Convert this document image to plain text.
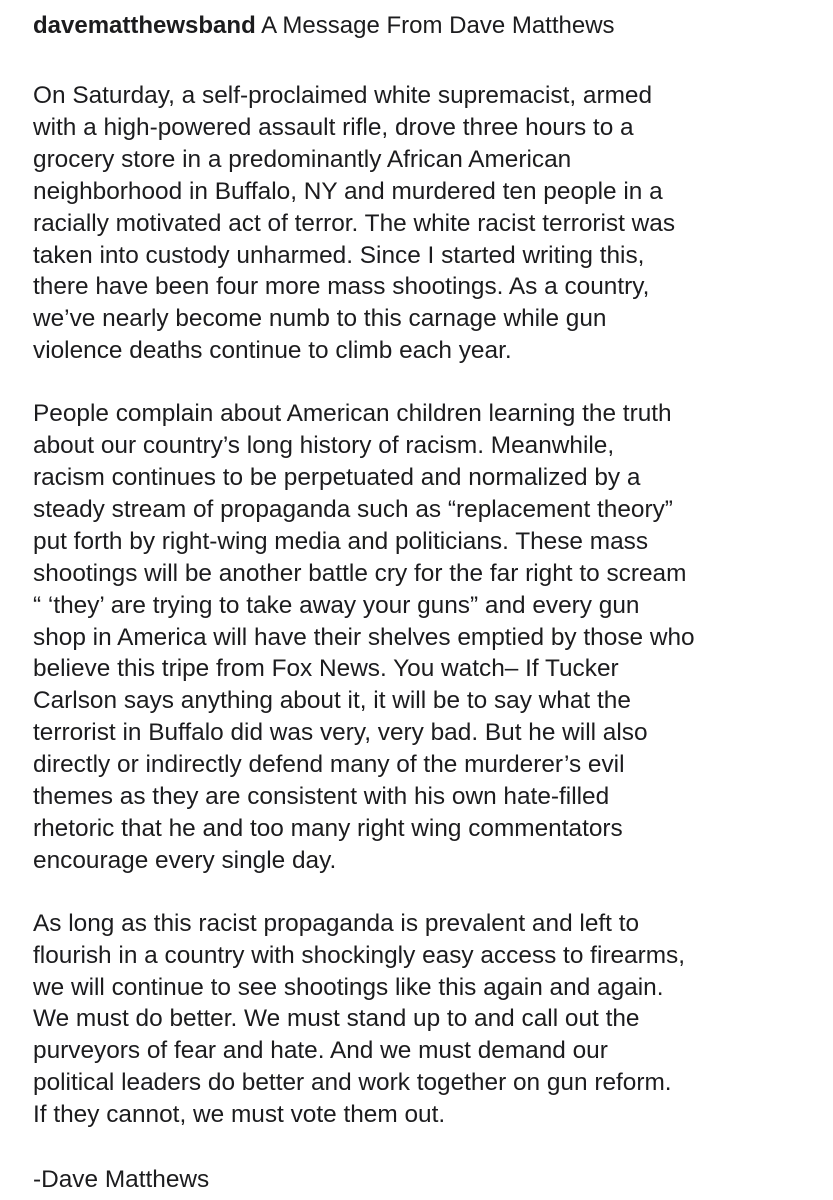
davematthewsband A Message From Dave Matthews

On Saturday, a self-proclaimed white supremacist, armed
with a high-powered assault rifle, drove three hours to a
grocery store in a predominantly African American
neighborhood in Buffalo, NY and murdered ten people in a
racially motivated act of terror. The white racist terrorist was
taken into custody unharmed. Since I started writing this,
there have been four more mass shootings. As a country,
we’ve nearly become numb to this carnage while gun
violence deaths continue to climb each year.

People complain about American children learning the truth
about our country’s long history of racism. Meanwhile,
racism continues to be perpetuated and normalized by a
steady stream of propaganda such as “replacement theory”
put forth by right-wing media and politicians. These mass
shootings will be another battle cry for the far right to scream
“ ‘they’ are trying to take away your guns” and every gun
shop in America will have their shelves emptied by those who
believe this tripe from Fox News. You watch– If Tucker
Carlson says anything about it, it will be to say what the
terrorist in Buffalo did was very, very bad. But he will also
directly or indirectly defend many of the murderer’s evil
themes as they are consistent with his own hate-filled
rhetoric that he and too many right wing commentators
encourage every single day.

As long as this racist propaganda is prevalent and left to
flourish in a country with shockingly easy access to firearms,
we will continue to see shootings like this again and again.
We must do better. We must stand up to and call out the
purveyors of fear and hate. And we must demand our
political leaders do better and work together on gun reform.
If they cannot, we must vote them out.

-Dave Matthews
